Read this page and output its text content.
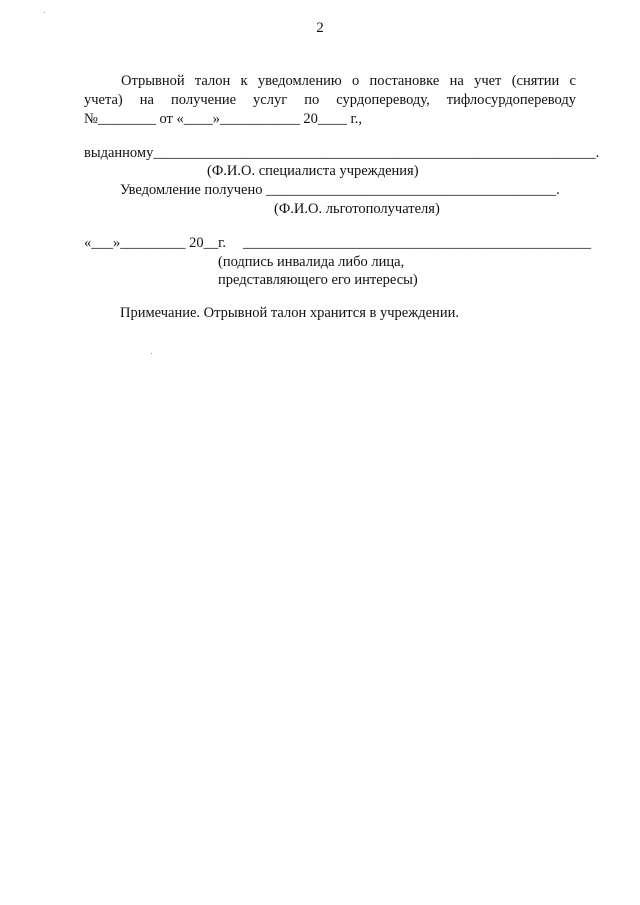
2
Отрывной талон к уведомлению о постановке на учет (снятии с
учета) на получение услуг по сурдопереводу, тифлосурдопереводу
№________ от «____»___________ 20____ г.,
выданному_____________________________________________________________.
(Ф.И.О. специалиста учреждения)
Уведомление получено ________________________________________.
(Ф.И.О. льготополучателя)
«___»_________ 20__г. ________________________________________________
(подпись инвалида либо лица,
представляющего его интересы)
Примечание. Отрывной талон хранится в учреждении.
